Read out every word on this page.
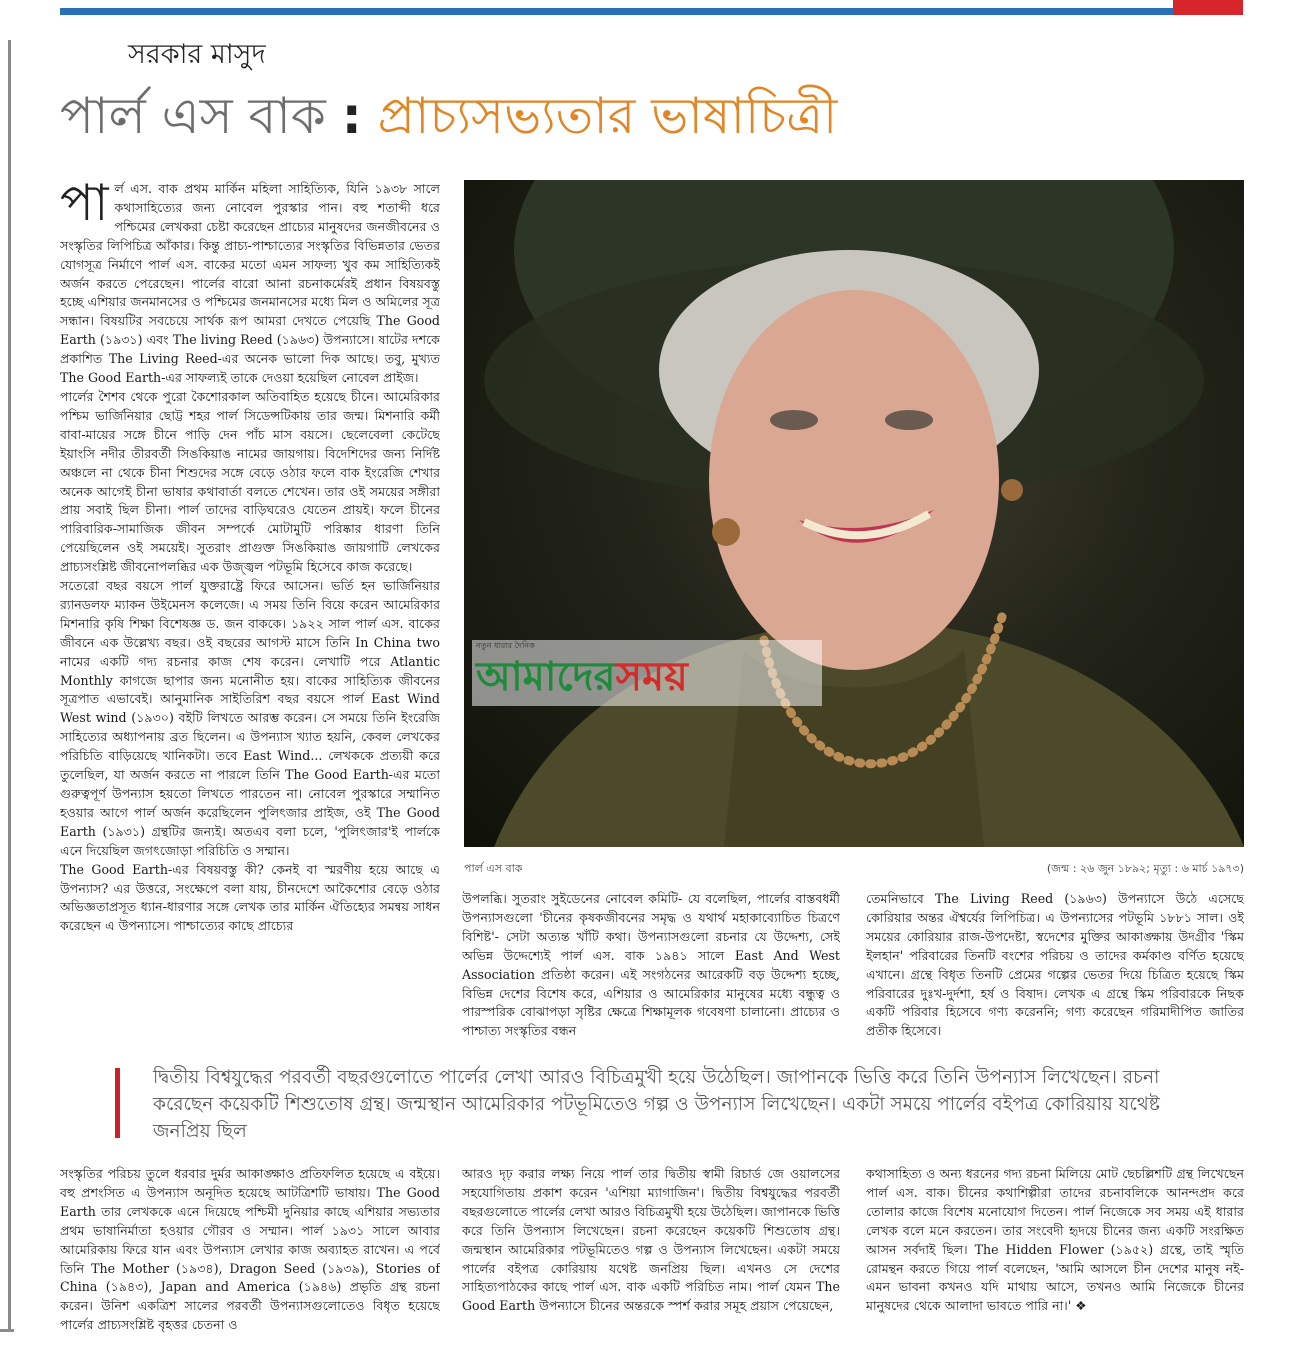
সরকার মাসুদ
পার্ল এস বাক : প্রাচ্যসভ্যতার ভাষাচিত্রী
পা র্ল এস. বাক প্রথম মার্কিন মহিলা সাহিত্যিক, যিনি ১৯৩৮ সালে কথাসাহিত্যের জন্য নোবেল পুরস্কার পান। বহু শতাব্দী ধরে পশ্চিমের লেখকরা চেষ্টা করেছেন প্রাচ্যের মানুষদের জনজীবনের ও সংস্কৃতির লিপিচিত্র আঁকার। কিন্তু প্রাচ্য-পাশ্চাত্যের সংস্কৃতির বিভিন্নতার ভেতর যোগসূত্র নির্মাণে পার্ল এস. বাকের মতো এমন সাফল্য খুব কম সাহিত্যিকই অর্জন করতে পেরেছেন। পার্লের বারো আনা রচনাকর্মেরই প্রধান বিষয়বস্তু হচ্ছে এশিয়ার জনমানসের ও পশ্চিমের জনমানসের মধ্যে মিল ও অমিলের সূত্র সন্ধান। বিষয়টির সবচেয়ে সার্থক রূপ আমরা দেখতে পেয়েছি The Good Earth (১৯৩১) এবং The living Reed (১৯৬৩) উপন্যাসে। ষাটের দশকে প্রকাশিত The Living Reed-এর অনেক ভালো দিক আছে। তবু, মুখ্যত The Good Earth-এর সাফল্যই তাকে দেওয়া হয়েছিল নোবেল প্রাইজ।

পার্লের শৈশব থেকে পুরো কৈশোরকাল অতিবাহিত হয়েছে চীনে। আমেরিকার পশ্চিম ভার্জিনিয়ার ছোট্ট শহর পার্ল সিডেন্সটিকায় তার জন্ম। মিশনারি কর্মী বাবা-মায়ের সঙ্গে চীনে পাড়ি দেন পাঁচ মাস বয়সে। ছেলেবেলা কেটেছে ইয়াংসি নদীর তীরবর্তী সিঙকিয়াঙ নামের জায়গায়। বিদেশিদের জন্য নির্দিষ্ট অঞ্চলে না থেকে চীনা শিশুদের সঙ্গে বেড়ে ওঠার ফলে বাক ইংরেজি শেখার অনেক আগেই চীনা ভাষার কথাবার্তা বলতে শেখেন। তার ওই সময়ের সঙ্গীরা প্রায় সবাই ছিল চীনা। পার্ল তাদের বাড়িঘরেও যেতেন প্রায়ই। ফলে চীনের পারিবারিক-সামাজিক জীবন সম্পর্কে মোটামুটি পরিষ্কার ধারণা তিনি পেয়েছিলেন ওই সময়েই। সুতরাং প্রাগুক্ত সিঙকিয়াঙ জায়গাটি লেখকের প্রাচ্যসংশ্লিষ্ট জীবনোপলব্ধির এক উজ্জ্বল পটভূমি হিসেবে কাজ করেছে।

সতেরো বছর বয়সে পার্ল যুক্তরাষ্ট্রে ফিরে আসেন। ভর্তি হন ভার্জিনিয়ার র‍্যানডলফ ম্যাকন উইমেনস কলেজে। এ সময় তিনি বিয়ে করেন আমেরিকার মিশনারি কৃষি শিক্ষা বিশেষজ্ঞ ড. জন বাককে। ১৯২২ সাল পার্ল এস. বাকের জীবনে এক উল্লেখ্য বছর। ওই বছরের আগস্ট মাসে তিনি In China two নামের একটি গদ্য রচনার কাজ শেষ করেন। লেখাটি পরে Atlantic Monthly কাগজে ছাপার জন্য মনোনীত হয়। বাকের সাহিত্যিক জীবনের সূত্রপাত এভাবেই। আনুমানিক সাইতিরিশ বছর বয়সে পার্ল East Wind West wind (১৯৩০) বইটি লিখতে আরম্ভ করেন। সে সময়ে তিনি ইংরেজি সাহিত্যের অধ্যাপনায় ব্রত ছিলেন। এ উপন্যাস খ্যাত হয়নি, কেবল লেখকের পরিচিতি বাড়িয়েছে খানিকটা। তবে East Wind... লেখককে প্রত্যয়ী করে তুলেছিল, যা অর্জন করতে না পারলে তিনি The Good Earth-এর মতো গুরুত্বপূর্ণ উপন্যাস হয়তো লিখতে পারতেন না। নোবেল পুরস্কারে সম্মানিত হওয়ার আগে পার্ল অর্জন করেছিলেন পুলিৎজার প্রাইজ, ওই The Good Earth (১৯৩১) গ্রন্থটির জন্যই। অতএব বলা চলে, 'পুলিৎজার'ই পার্লকে এনে দিয়েছিল জগৎজোড়া পরিচিতি ও সম্মান।

The Good Earth-এর বিষয়বস্তু কী? কেনই বা স্মরণীয় হয়ে আছে এ উপন্যাস? এর উত্তরে, সংক্ষেপে বলা যায়, চীনদেশে আকৈশোর বেড়ে ওঠার অভিজ্ঞতাপ্রসূত ধ্যান-ধারণার সঙ্গে লেখক তার মার্কিন ঐতিহ্যের সমন্বয় সাধন করেছেন এ উপন্যাসে। পাশ্চাত্যের কাছে প্রাচ্যের

নতুন ধারার দৈনিক
আমাদেরসময়
পার্ল এস বাক	(জন্ম : ২৬ জুন ১৮৯২; মৃত্যু : ৬ মার্চ ১৯৭৩)

উপলব্ধি। সুতরাং সুইডেনের নোবেল কমিটি- যে বলেছিল, পার্লের বাস্তবধর্মী উপন্যাসগুলো 'চীনের কৃষকজীবনের সমৃদ্ধ ও যথার্থ মহাকাব্যোচিত চিত্রণে বিশিষ্ট'- সেটা অত্যন্ত খাঁটি কথা। উপন্যাসগুলো রচনার যে উদ্দেশ্য, সেই অভিন্ন উদ্দেশ্যেই পার্ল এস. বাক ১৯৪১ সালে East And West Association প্রতিষ্ঠা করেন। এই সংগঠনের আরেকটি বড় উদ্দেশ্য হচ্ছে, বিভিন্ন দেশের বিশেষ করে, এশিয়ার ও আমেরিকার মানুষের মধ্যে বন্ধুত্ব ও পারস্পরিক বোঝাপড়া সৃষ্টির ক্ষেত্রে শিক্ষামূলক গবেষণা চালানো। প্রাচ্যের ও পাশ্চাত্য সংস্কৃতির বন্ধন

তেমনিভাবে The Living Reed (১৯৬৩) উপন্যাসে উঠে এসেছে কোরিয়ার অন্তর ঐশ্বর্যের লিপিচিত্র। এ উপন্যাসের পটভূমি ১৮৮১ সাল। ওই সময়ের কোরিয়ার রাজ-উপদেষ্টা, স্বদেশের মুক্তির আকাঙ্ক্ষায় উদগ্রীব 'স্কিম ইলহান' পরিবারের তিনটি বংশের পরিচয় ও তাদের কর্মকাণ্ড বর্ণিত হয়েছে এখানে। গ্রন্থে বিধৃত তিনটি প্রেমের গল্পের ভেতর দিয়ে চিত্রিত হয়েছে স্কিম পরিবারের দুঃখ-দুর্দশা, হর্ষ ও বিষাদ। লেখক এ গ্রন্থে স্কিম পরিবারকে নিছক একটি পরিবার হিসেবে গণ্য করেননি; গণ্য করেছেন গরিমাদীপিত জাতির প্রতীক হিসেবে।

দ্বিতীয় বিশ্বযুদ্ধের পরবর্তী বছরগুলোতে পার্লের লেখা আরও বিচিত্রমুখী হয়ে উঠেছিল। জাপানকে ভিত্তি করে তিনি উপন্যাস লিখেছেন। রচনা করেছেন কয়েকটি শিশুতোষ গ্রন্থ। জন্মস্থান আমেরিকার পটভূমিতেও গল্প ও উপন্যাস লিখেছেন। একটা সময়ে পার্লের বইপত্র কোরিয়ায় যথেষ্ট জনপ্রিয় ছিল

সংস্কৃতির পরিচয় তুলে ধরবার দুর্মর আকাঙ্ক্ষাও প্রতিফলিত হয়েছে এ বইয়ে। বহু প্রশংসিত এ উপন্যাস অনূদিত হয়েছে আটত্রিশটি ভাষায়। The Good Earth তার লেখককে এনে দিয়েছে পশ্চিমী দুনিয়ার কাছে এশিয়ার সভ্যতার প্রথম ভাষানির্মাতা হওয়ার গৌরব ও সম্মান। পার্ল ১৯৩১ সালে আবার আমেরিকায় ফিরে যান এবং উপন্যাস লেখার কাজ অব্যাহত রাখেন। এ পর্বে তিনি The Mother (১৯৩৪), Dragon Seed (১৯৩৯), Stories of China (১৯৪৩), Japan and America (১৯৪৬) প্রভৃতি গ্রন্থ রচনা করেন। উনিশ একত্রিশ সালের পরবর্তী উপন্যাসগুলোতেও বিধৃত হয়েছে পার্লের প্রাচ্যসংশ্লিষ্ট বৃহত্তর চেতনা ও

আরও দৃঢ় করার লক্ষ্য নিয়ে পার্ল তার দ্বিতীয় স্বামী রিচার্ড জে ওয়ালসের সহযোগিতায় প্রকাশ করেন 'এশিয়া ম্যাগাজিন'। দ্বিতীয় বিশ্বযুদ্ধের পরবর্তী বছরগুলোতে পার্লের লেখা আরও বিচিত্রমুখী হয়ে উঠেছিল। জাপানকে ভিত্তি করে তিনি উপন্যাস লিখেছেন। রচনা করেছেন কয়েকটি শিশুতোষ গ্রন্থ। জন্মস্থান আমেরিকার পটভূমিতেও গল্প ও উপন্যাস লিখেছেন। একটা সময়ে পার্লের বইপত্র কোরিয়ায় যথেষ্ট জনপ্রিয় ছিল। এখনও সে দেশের সাহিত্যপাঠকের কাছে পার্ল এস. বাক একটি পরিচিত নাম। পার্ল যেমন The Good Earth উপন্যাসে চীনের অন্তরকে স্পর্শ করার সমূহ প্রয়াস পেয়েছেন,

কথাসাহিত্য ও অন্য ধরনের গদ্য রচনা মিলিয়ে মোট ছেচল্লিশটি গ্রন্থ লিখেছেন পার্ল এস. বাক। চীনের কথাশিল্পীরা তাদের রচনাবলিকে আনন্দপ্রদ করে তোলার কাজে বিশেষ মনোযোগ দিতেন। পার্ল নিজেকে সব সময় এই ধারার লেখক বলে মনে করতেন। তার সংবেদী হৃদয়ে চীনের জন্য একটি সংরক্ষিত আসন সর্বদাই ছিল। The Hidden Flower (১৯৫২) গ্রন্থে, তাই স্মৃতি রোমন্থন করতে গিয়ে পার্ল বলেছেন, 'আমি আসলে চীন দেশের মানুষ নই- এমন ভাবনা কখনও যদি মাথায় আসে, তখনও আমি নিজেকে চীনের মানুষদের থেকে আলাদা ভাবতে পারি না।' ❖
